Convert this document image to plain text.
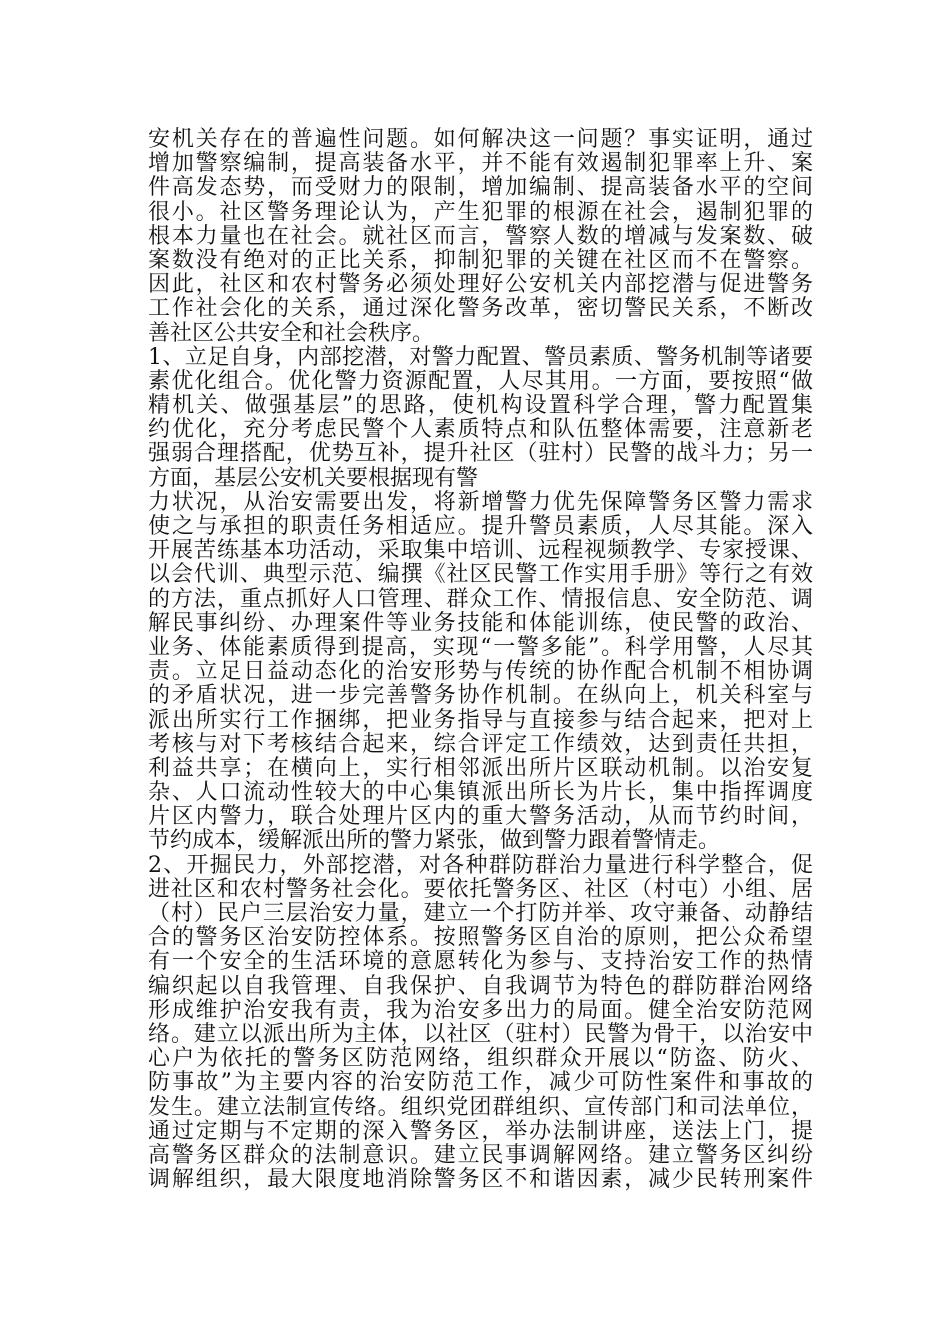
安机关存在的普遍性问题。如何解决这一问题？事实证明，通过
增加警察编制，提高装备水平，并不能有效遏制犯罪率上升、案
件高发态势，而受财力的限制，增加编制、提高装备水平的空间
很小。社区警务理论认为，产生犯罪的根源在社会，遏制犯罪的
根本力量也在社会。就社区而言，警察人数的增减与发案数、破
案数没有绝对的正比关系，抑制犯罪的关键在社区而不在警察。
因此，社区和农村警务必须处理好公安机关内部挖潜与促进警务
工作社会化的关系，通过深化警务改革，密切警民关系，不断改
善社区公共安全和社会秩序。
1、立足自身，内部挖潜，对警力配置、警员素质、警务机制等诸要
素优化组合。优化警力资源配置，人尽其用。一方面，要按照“做
精机关、做强基层”的思路，使机构设置科学合理，警力配置集
约优化，充分考虑民警个人素质特点和队伍整体需要，注意新老
强弱合理搭配，优势互补，提升社区（驻村）民警的战斗力；另一
方面，基层公安机关要根据现有警
力状况，从治安需要出发，将新增警力优先保障警务区警力需求
使之与承担的职责任务相适应。提升警员素质，人尽其能。深入
开展苦练基本功活动，采取集中培训、远程视频教学、专家授课、
以会代训、典型示范、编撰《社区民警工作实用手册》等行之有效
的方法，重点抓好人口管理、群众工作、情报信息、安全防范、调
解民事纠纷、办理案件等业务技能和体能训练，使民警的政治、
业务、体能素质得到提高，实现“一警多能”。科学用警，人尽其
责。立足日益动态化的治安形势与传统的协作配合机制不相协调
的矛盾状况，进一步完善警务协作机制。在纵向上，机关科室与
派出所实行工作捆绑，把业务指导与直接参与结合起来，把对上
考核与对下考核结合起来，综合评定工作绩效，达到责任共担，
利益共享；在横向上，实行相邻派出所片区联动机制。以治安复
杂、人口流动性较大的中心集镇派出所长为片长，集中指挥调度
片区内警力，联合处理片区内的重大警务活动，从而节约时间，
节约成本，缓解派出所的警力紧张，做到警力跟着警情走。
2、开掘民力，外部挖潜，对各种群防群治力量进行科学整合，促
进社区和农村警务社会化。要依托警务区、社区（村屯）小组、居
（村）民户三层治安力量，建立一个打防并举、攻守兼备、动静结
合的警务区治安防控体系。按照警务区自治的原则，把公众希望
有一个安全的生活环境的意愿转化为参与、支持治安工作的热情
编织起以自我管理、自我保护、自我调节为特色的群防群治网络
形成维护治安我有责，我为治安多出力的局面。健全治安防范网
络。建立以派出所为主体，以社区（驻村）民警为骨干，以治安中
心户为依托的警务区防范网络，组织群众开展以“防盗、防火、
防事故”为主要内容的治安防范工作，减少可防性案件和事故的
发生。建立法制宣传络。组织党团群组织、宣传部门和司法单位，
通过定期与不定期的深入警务区，举办法制讲座，送法上门，提
高警务区群众的法制意识。建立民事调解网络。建立警务区纠纷
调解组织，最大限度地消除警务区不和谐因素，减少民转刑案件
